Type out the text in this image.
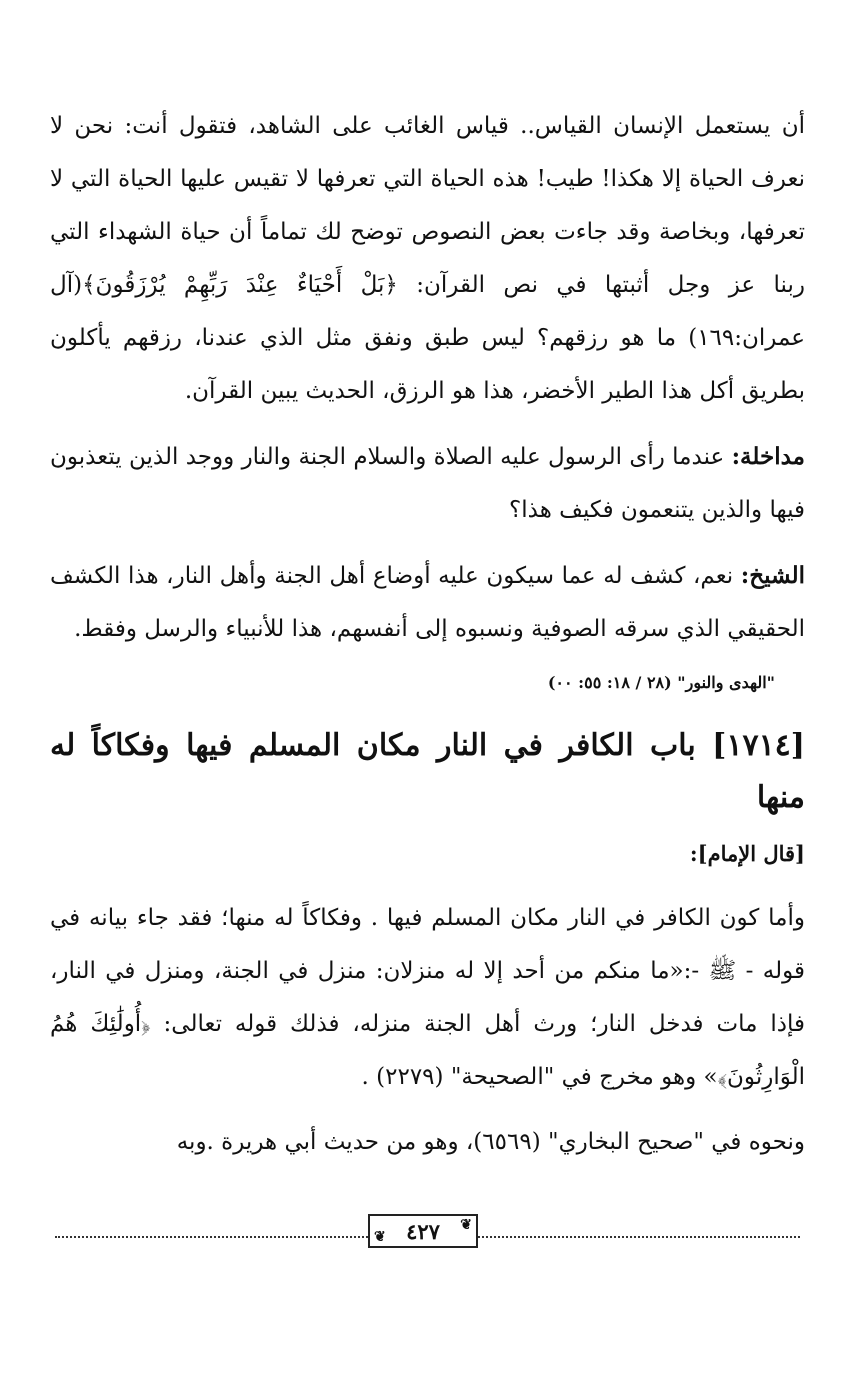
أن يستعمل الإنسان القياس.. قياس الغائب على الشاهد، فتقول أنت: نحن لا نعرف الحياة إلا هكذا! طيب! هذه الحياة التي تعرفها لا تقيس عليها الحياة التي لا تعرفها، وبخاصة وقد جاءت بعض النصوص توضح لك تماماً أن حياة الشهداء التي ربنا عز وجل أثبتها في نص القرآن: ﴿بَلْ أَحْيَاءٌ عِنْدَ رَبِّهِمْ يُرْزَقُونَ﴾(آل عمران:١٦٩) ما هو رزقهم؟ ليس طبق ونفق مثل الذي عندنا، رزقهم يأكلون بطريق أكل هذا الطير الأخضر، هذا هو الرزق، الحديث يبين القرآن.

مداخلة: عندما رأى الرسول عليه الصلاة والسلام الجنة والنار ووجد الذين يتعذبون فيها والذين يتنعمون فكيف هذا؟

الشيخ: نعم، كشف له عما سيكون عليه أوضاع أهل الجنة وأهل النار، هذا الكشف الحقيقي الذي سرقه الصوفية ونسبوه إلى أنفسهم، هذا للأنبياء والرسل وفقط.

"الهدى والنور" (٢٨ / ١٨: ٥٥: ٠٠)
[١٧١٤] باب الكافر في النار مكان المسلم فيها وفكاكاً له منها
[قال الإمام]:

وأما كون الكافر في النار مكان المسلم فيها . وفكاكاً له منها؛ فقد جاء بيانه في قوله - ﷺ -:«ما منكم من أحد إلا له منزلان: منزل في الجنة، ومنزل في النار، فإذا مات فدخل النار؛ ورث أهل الجنة منزله، فذلك قوله تعالى: ﴿أُولَٰئِكَ هُمُ الْوَارِثُونَ﴾» وهو مخرج في "الصحيحة" (٢٢٧٩) .

ونحوه في "صحيح البخاري" (٦٥٦٩)، وهو من حديث أبي هريرة .وبه

❦
٤٢٧
❦
